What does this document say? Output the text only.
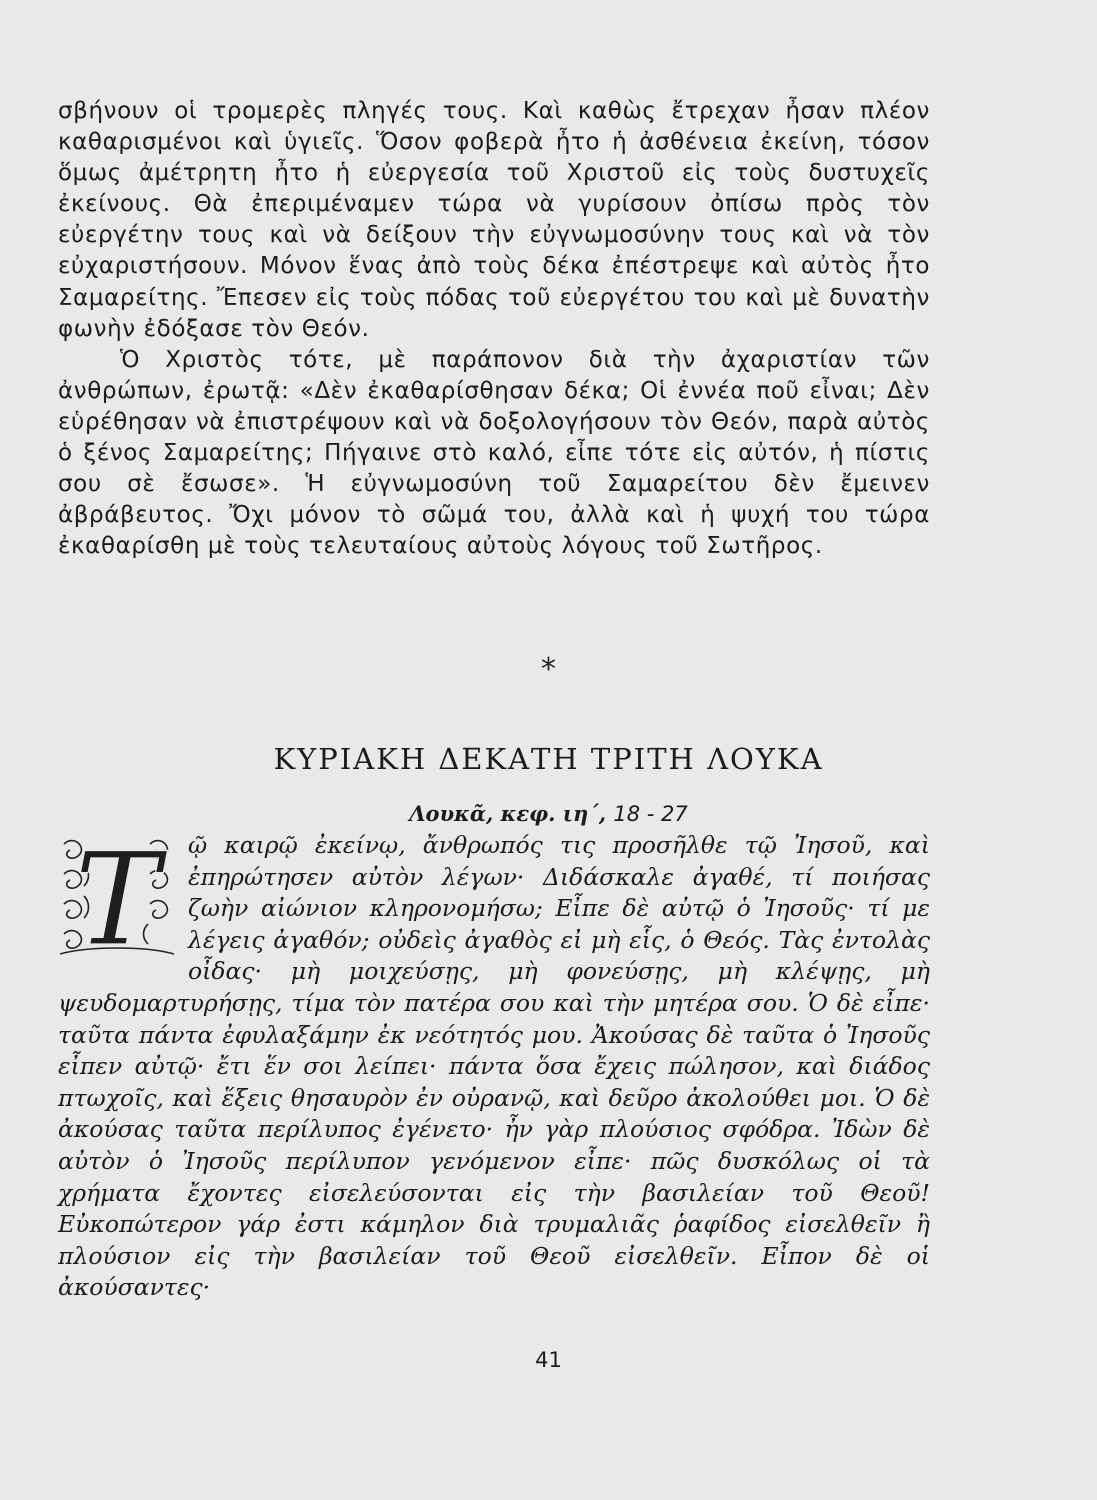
σβήνουν οἱ τρομερὲς πληγές τους. Καὶ καθὼς ἔτρεχαν ἦσαν πλέον καθαρισμένοι καὶ ὑγιεῖς. Ὅσον φοβερὰ ἦτο ἡ ἀσθένεια ἐκείνη, τόσον ὅμως ἀμέτρητη ἦτο ἡ εὐεργεσία τοῦ Χριστοῦ εἰς τοὺς δυστυχεῖς ἐκείνους. Θὰ ἐπεριμέναμεν τώρα νὰ γυρίσουν ὀπίσω πρὸς τὸν εὐεργέτην τους καὶ νὰ δείξουν τὴν εὐγνωμοσύνην τους καὶ νὰ τὸν εὐχαριστήσουν. Μόνον ἕνας ἀπὸ τοὺς δέκα ἐπέστρεψε καὶ αὐτὸς ἦτο Σαμαρείτης. Ἔπεσεν εἰς τοὺς πόδας τοῦ εὐεργέτου του καὶ μὲ δυνατὴν φωνὴν ἐδόξασε τὸν Θεόν.

Ὁ Χριστὸς τότε, μὲ παράπονον διὰ τὴν ἀχαριστίαν τῶν ἀνθρώπων, ἐρωτᾷ: «Δὲν ἐκαθαρίσθησαν δέκα; Οἱ ἐννέα ποῦ εἶναι; Δὲν εὑρέθησαν νὰ ἐπιστρέψουν καὶ νὰ δοξολογήσουν τὸν Θεόν, παρὰ αὐτὸς ὁ ξένος Σαμαρείτης; Πήγαινε στὸ καλό, εἶπε τότε εἰς αὐτόν, ἡ πίστις σου σὲ ἔσωσε». Ἡ εὐγνωμοσύνη τοῦ Σαμαρείτου δὲν ἔμεινεν ἀβράβευτος. Ὄχι μόνον τὸ σῶμά του, ἀλλὰ καὶ ἡ ψυχή του τώρα ἐκαθαρίσθη μὲ τοὺς τελευταίους αὐτοὺς λόγους τοῦ Σωτῆρος.

*
ΚΥΡΙΑΚΗ ΔΕΚΑΤΗ ΤΡΙΤΗ ΛΟΥΚΑ
Λουκᾶ, κεφ. ιη΄, 18 - 27
Τ	ῷ καιρῷ ἐκείνῳ, ἄνθρωπός τις προσῆλθε τῷ Ἰησοῦ, καὶ ἐπηρώτησεν αὐτὸν λέγων· Διδάσκαλε ἀγαθέ, τί ποιήσας ζωὴν αἰώνιον κληρονομήσω; Εἶπε δὲ αὐτῷ ὁ Ἰησοῦς· τί με λέγεις ἀγαθόν; οὐδεὶς ἀγαθὸς εἰ μὴ εἷς, ὁ Θεός. Τὰς ἐντολὰς οἶδας· μὴ μοιχεύσῃς, μὴ φονεύσῃς, μὴ κλέψῃς, μὴ ψευδομαρτυρήσῃς, τίμα τὸν πατέρα σου καὶ τὴν μητέρα σου. Ὁ δὲ εἶπε· ταῦτα πάντα ἐφυλαξάμην ἐκ νεότητός μου. Ἀκούσας δὲ ταῦτα ὁ Ἰησοῦς εἶπεν αὐτῷ· ἔτι ἕν σοι λείπει· πάντα ὅσα ἔχεις πώλησον, καὶ διάδος πτωχοῖς, καὶ ἕξεις θησαυρὸν ἐν οὐρανῷ, καὶ δεῦρο ἀκολούθει μοι. Ὁ δὲ ἀκούσας ταῦτα περίλυπος ἐγένετο· ἦν γὰρ πλούσιος σφόδρα. Ἰδὼν δὲ αὐτὸν ὁ Ἰησοῦς περίλυπον γενόμενον εἶπε· πῶς δυσκόλως οἱ τὰ χρήματα ἔχοντες εἰσελεύσονται εἰς τὴν βασιλείαν τοῦ Θεοῦ! Εὐκοπώτερον γάρ ἐστι κάμηλον διὰ τρυμαλιᾶς ῥαφίδος εἰσελθεῖν ἢ πλούσιον εἰς τὴν βασιλείαν τοῦ Θεοῦ εἰσελθεῖν. Εἶπον δὲ οἱ ἀκούσαντες·

41
